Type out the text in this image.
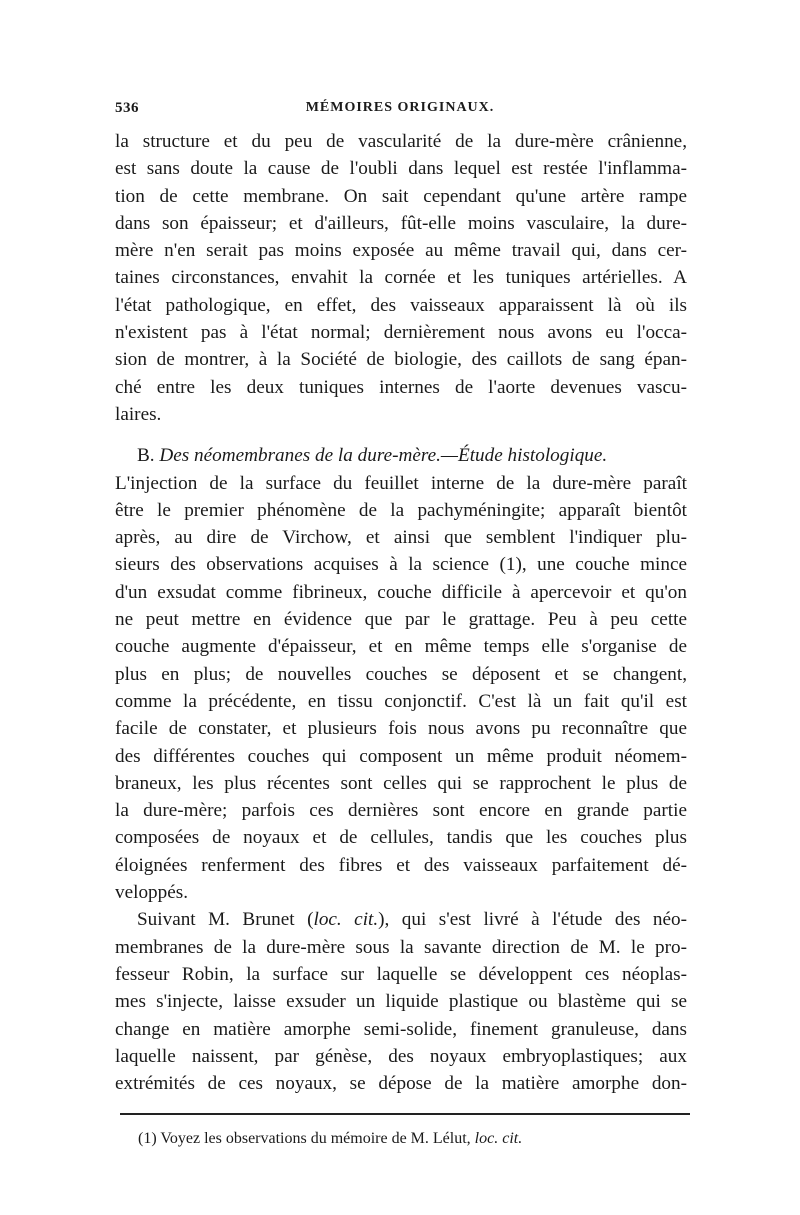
536	MÉMOIRES ORIGINAUX.
la structure et du peu de vascularité de la dure-mère crânienne,
est sans doute la cause de l'oubli dans lequel est restée l'inflamma-
tion de cette membrane. On sait cependant qu'une artère rampe
dans son épaisseur; et d'ailleurs, fût-elle moins vasculaire, la dure-
mère n'en serait pas moins exposée au même travail qui, dans cer-
taines circonstances, envahit la cornée et les tuniques artérielles. A
l'état pathologique, en effet, des vaisseaux apparaissent là où ils
n'existent pas à l'état normal; dernièrement nous avons eu l'occa-
sion de montrer, à la Société de biologie, des caillots de sang épan-
ché entre les deux tuniques internes de l'aorte devenues vascu-
laires.
B. Des néomembranes de la dure-mère.—Étude histologique.
L'injection de la surface du feuillet interne de la dure-mère paraît
être le premier phénomène de la pachyméningite; apparaît bientôt
après, au dire de Virchow, et ainsi que semblent l'indiquer plu-
sieurs des observations acquises à la science (1), une couche mince
d'un exsudat comme fibrineux, couche difficile à apercevoir et qu'on
ne peut mettre en évidence que par le grattage. Peu à peu cette
couche augmente d'épaisseur, et en même temps elle s'organise de
plus en plus; de nouvelles couches se déposent et se changent,
comme la précédente, en tissu conjonctif. C'est là un fait qu'il est
facile de constater, et plusieurs fois nous avons pu reconnaître que
des différentes couches qui composent un même produit néomem-
braneux, les plus récentes sont celles qui se rapprochent le plus de
la dure-mère; parfois ces dernières sont encore en grande partie
composées de noyaux et de cellules, tandis que les couches plus
éloignées renferment des fibres et des vaisseaux parfaitement dé-
veloppés.
Suivant M. Brunet (loc. cit.), qui s'est livré à l'étude des néo-
membranes de la dure-mère sous la savante direction de M. le pro-
fesseur Robin, la surface sur laquelle se développent ces néoplas-
mes s'injecte, laisse exsuder un liquide plastique ou blastème qui se
change en matière amorphe semi-solide, finement granuleuse, dans
laquelle naissent, par génèse, des noyaux embryoplastiques; aux
extrémités de ces noyaux, se dépose de la matière amorphe don-
(1) Voyez les observations du mémoire de M. Lélut, loc. cit.
